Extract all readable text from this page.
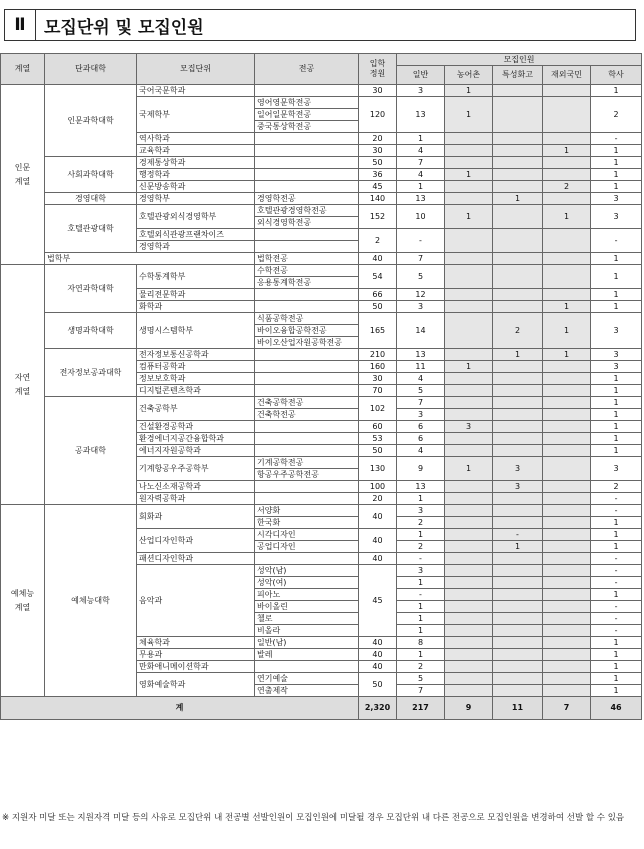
Ⅱ	모집단위 및 모집인원
계열	단과대학	모집단위	전공	입학
정원	모집인원				
					일반	농어촌	특성화고	재외국민	학사
인문
계열	인문과학대학	국어국문학과		30	3	1			1
		국제학부	영어영문학전공	120	13	1			2
			일어일문학전공						
			중국통상학전공						
		역사학과		20	1				-
		교육학과		30	4			1	1
	사회과학대학	경제통상학과		50	7				1
		행정학과		36	4	1			1
		신문방송학과		45	1			2	1
	경영대학	경영학부	경영학전공	140	13		1		3
	호텔관광대학	호텔관광외식경영학부	호텔관광경영학전공	152	10	1		1	3
			외식경영학전공						
		호텔외식관광프랜차이즈		2	-				-
		경영학과							
	법학부		법학전공	40	7				1
자연
계열	자연과학대학	수학통계학부	수학전공	54	5				1
			응용통계학전공						
		물리전문학과		66	12				1
		화학과		50	3			1	1
	생명과학대학	생명시스템학부	식품공학전공	165	14		2	1	3
			바이오융합공학전공						
			바이오산업자원공학전공						
	전자정보공과대학	전자정보통신공학과		210	13		1	1	3
		컴퓨터공학과		160	11	1			3
		정보보호학과		30	4				1
		디지털콘텐츠학과		70	5				1
	공과대학	건축공학부	건축공학전공	102	7				1
			건축학전공		3				1
		건설환경공학과		60	6	3			1
		환경에너지공간융합학과		53	6				1
		에너지자원공학과		50	4				1
		기계항공우주공학부	기계공학전공	130	9	1	3		3
			항공우주공학전공						
		나노신소재공학과		100	13		3		2
		원자력공학과		20	1				-
예체능
계열	예체능대학	회화과	서양화	40	3				-
			한국화		2				1
		산업디자인학과	시각디자인	40	1		-		1
			공업디자인		2		1		1
		패션디자인학과		40	-				-
		음악과	성악(남)	45	3				-
			성악(여)		1				-
			피아노		-				1
			바이올린		1				-
			첼로		1				-
			비올라		1				-
		체육학과	일반(남)	40	8				1
		무용과	발레	40	1				1
		만화애니메이션학과		40	2				1
		영화예술학과	연기예술	50	5				1
			연출제작		7				1
계				2,320	217	9	11	7	46
※ 지원자 미달 또는 지원자격 미달 등의 사유로 모집단위 내 전공별 선발인원이 모집인원에 미달될 경우 모집단위 내 다른 전공으로 모집인원을 변경하여 선발 할 수 있음
